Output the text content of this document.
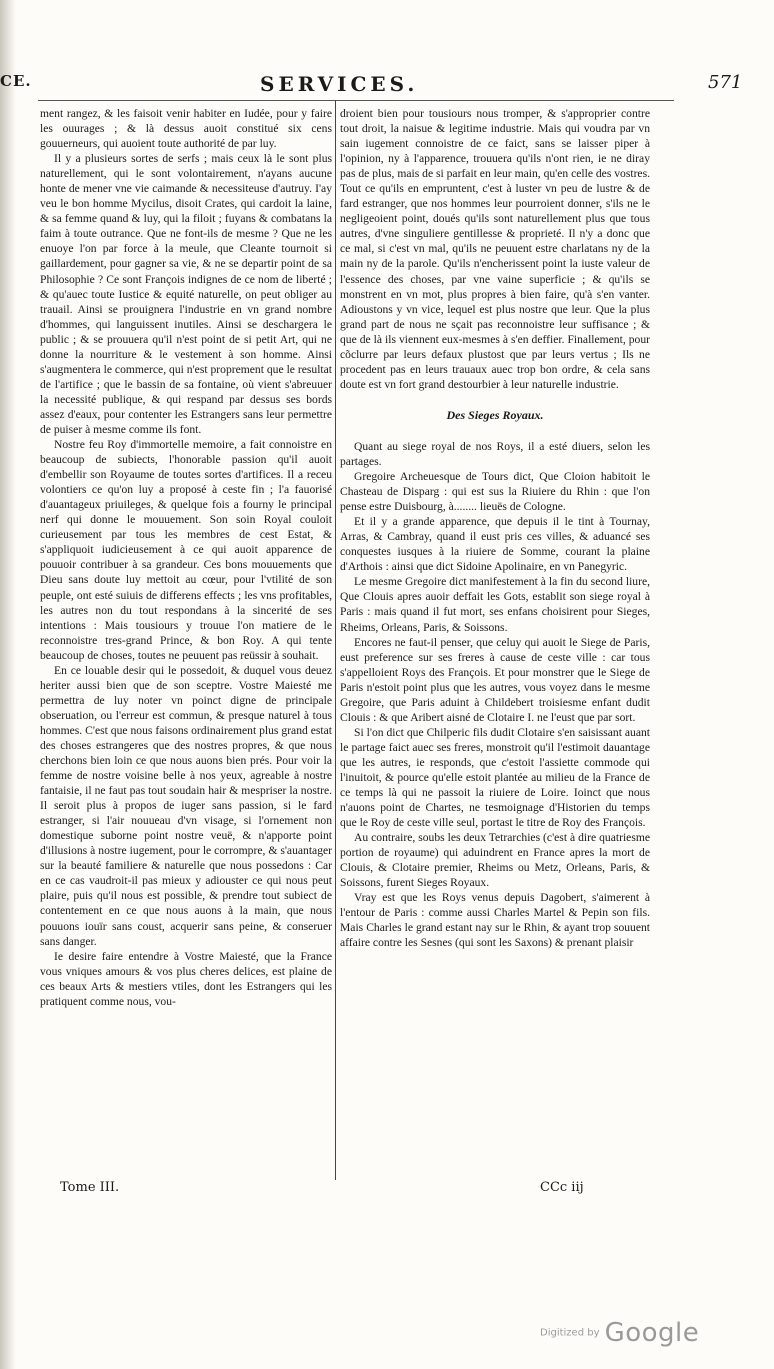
CE.	SERVICES.	571

ment rangez, & les faisoit venir habiter en Iudée, pour y faire les ouurages ; & là dessus auoit constitué six cens gouuerneurs, qui auoient toute authorité de par luy.

Il y a plusieurs sortes de serfs ; mais ceux là le sont plus naturellement, qui le sont volontairement, n'ayans aucune honte de mener vne vie caimande & necessiteuse d'autruy. I'ay veu le bon homme Mycilus, disoit Crates, qui cardoit la laine, & sa femme quand & luy, qui la filoit ; fuyans & combatans la faim à toute outrance. Que ne font-ils de mesme ? Que ne les enuoye l'on par force à la meule, que Cleante tournoit si gaillardement, pour gagner sa vie, & ne se departir point de sa Philosophie ? Ce sont François indignes de ce nom de liberté ; & qu'auec toute Iustice & equité naturelle, on peut obliger au trauail. Ainsi se prouignera l'industrie en vn grand nombre d'hommes, qui languissent inutiles. Ainsi se deschargera le public ; & se prouuera qu'il n'est point de si petit Art, qui ne donne la nourriture & le vestement à son homme. Ainsi s'augmentera le commerce, qui n'est proprement que le resultat de l'artifice ; que le bassin de sa fontaine, où vient s'abreuuer la necessité publique, & qui respand par dessus ses bords assez d'eaux, pour contenter les Estrangers sans leur permettre de puiser à mesme comme ils font.

Nostre feu Roy d'immortelle memoire, a fait connoistre en beaucoup de subiects, l'honorable passion qu'il auoit d'embellir son Royaume de toutes sortes d'artifices. Il a receu volontiers ce qu'on luy a proposé à ceste fin ; l'a fauorisé d'auantageux priuileges, & quelque fois a fourny le principal nerf qui donne le mouuement. Son soin Royal couloit curieusement par tous les membres de cest Estat, & s'appliquoit iudicieusement à ce qui auoit apparence de pouuoir contribuer à sa grandeur. Ces bons mouuements que Dieu sans doute luy mettoit au cœur, pour l'vtilité de son peuple, ont esté suiuis de differens effects ; les vns profitables, les autres non du tout respondans à la sincerité de ses intentions : Mais tousiours y trouue l'on matiere de le reconnoistre tres-grand Prince, & bon Roy. A qui tente beaucoup de choses, toutes ne peuuent pas reüssir à souhait.

En ce louable desir qui le possedoit, & duquel vous deuez heriter aussi bien que de son sceptre. Vostre Maiesté me permettra de luy noter vn poinct digne de principale obseruation, ou l'erreur est commun, & presque naturel à tous hommes. C'est que nous faisons ordinairement plus grand estat des choses estrangeres que des nostres propres, & que nous cherchons bien loin ce que nous auons bien prés. Pour voir la femme de nostre voisine belle à nos yeux, agreable à nostre fantaisie, il ne faut pas tout soudain hair & mespriser la nostre. Il seroit plus à propos de iuger sans passion, si le fard estranger, si l'air nouueau d'vn visage, si l'ornement non domestique suborne point nostre veuë, & n'apporte point d'illusions à nostre iugement, pour le corrompre, & s'auantager sur la beauté familiere & naturelle que nous possedons : Car en ce cas vaudroit-il pas mieux y adiouster ce qui nous peut plaire, puis qu'il nous est possible, & prendre tout subiect de contentement en ce que nous auons à la main, que nous pouuons iouïr sans coust, acquerir sans peine, & conseruer sans danger.

Ie desire faire entendre à Vostre Maiesté, que la France vous vniques amours & vos plus cheres delices, est plaine de ces beaux Arts & mestiers vtiles, dont les Estrangers qui les pratiquent comme nous, vou-

droient bien pour tousiours nous tromper, & s'approprier contre tout droit, la naisue & legitime industrie. Mais qui voudra par vn sain iugement connoistre de ce faict, sans se laisser piper à l'opinion, ny à l'apparence, trouuera qu'ils n'ont rien, ie ne diray pas de plus, mais de si parfait en leur main, qu'en celle des vostres. Tout ce qu'ils en empruntent, c'est à luster vn peu de lustre & de fard estranger, que nos hommes leur pourroient donner, s'ils ne le negligeoient point, doués qu'ils sont naturellement plus que tous autres, d'vne singuliere gentillesse & proprieté. Il n'y a donc que ce mal, si c'est vn mal, qu'ils ne peuuent estre charlatans ny de la main ny de la parole. Qu'ils n'encherissent point la iuste valeur de l'essence des choses, par vne vaine superficie ; & qu'ils se monstrent en vn mot, plus propres à bien faire, qu'à s'en vanter. Adioustons y vn vice, lequel est plus nostre que leur. Que la plus grand part de nous ne sçait pas reconnoistre leur suffisance ; & que de là ils viennent eux-mesmes à s'en deffier. Finallement, pour cõclurre par leurs defaux plustost que par leurs vertus ; Ils ne procedent pas en leurs trauaux auec trop bon ordre, & cela sans doute est vn fort grand destourbier à leur naturelle industrie.

Des Sieges Royaux.

Quant au siege royal de nos Roys, il a esté diuers, selon les partages.

Gregoire Archeuesque de Tours dict, Que Cloion habitoit le Chasteau de Disparg : qui est sus la Riuiere du Rhin : que l'on pense estre Duisbourg, à........ lieuës de Cologne.

Et il y a grande apparence, que depuis il le tint à Tournay, Arras, & Cambray, quand il eust pris ces villes, & aduancé ses conquestes iusques à la riuiere de Somme, courant la plaine d'Arthois : ainsi que dict Sidoine Apolinaire, en vn Panegyric.

Le mesme Gregoire dict manifestement à la fin du second liure, Que Clouis apres auoir deffait les Gots, establit son siege royal à Paris : mais quand il fut mort, ses enfans choisirent pour Sieges, Rheims, Orleans, Paris, & Soissons.

Encores ne faut-il penser, que celuy qui auoit le Siege de Paris, eust preference sur ses freres à cause de ceste ville : car tous s'appelloient Roys des François. Et pour monstrer que le Siege de Paris n'estoit point plus que les autres, vous voyez dans le mesme Gregoire, que Paris aduint à Childebert troisiesme enfant dudit Clouis : & que Aribert aisné de Clotaire I. ne l'eust que par sort.

Si l'on dict que Chilperic fils dudit Clotaire s'en saisissant auant le partage faict auec ses freres, monstroit qu'il l'estimoit dauantage que les autres, ie responds, que c'estoit l'assiette commode qui l'inuitoit, & pource qu'elle estoit plantée au milieu de la France de ce temps là qui ne passoit la riuiere de Loire. Ioinct que nous n'auons point de Chartes, ne tesmoignage d'Historien du temps que le Roy de ceste ville seul, portast le titre de Roy des François.

Au contraire, soubs les deux Tetrarchies (c'est à dire quatriesme portion de royaume) qui aduindrent en France apres la mort de Clouis, & Clotaire premier, Rheims ou Metz, Orleans, Paris, & Soissons, furent Sieges Royaux.

Vray est que les Roys venus depuis Dagobert, s'aimerent à l'entour de Paris : comme aussi Charles Martel & Pepin son fils. Mais Charles le grand estant nay sur le Rhin, & ayant trop souuent affaire contre les Sesnes (qui sont les Saxons) & prenant plaisir

Tome III.	CCc iij
Digitized by Google
